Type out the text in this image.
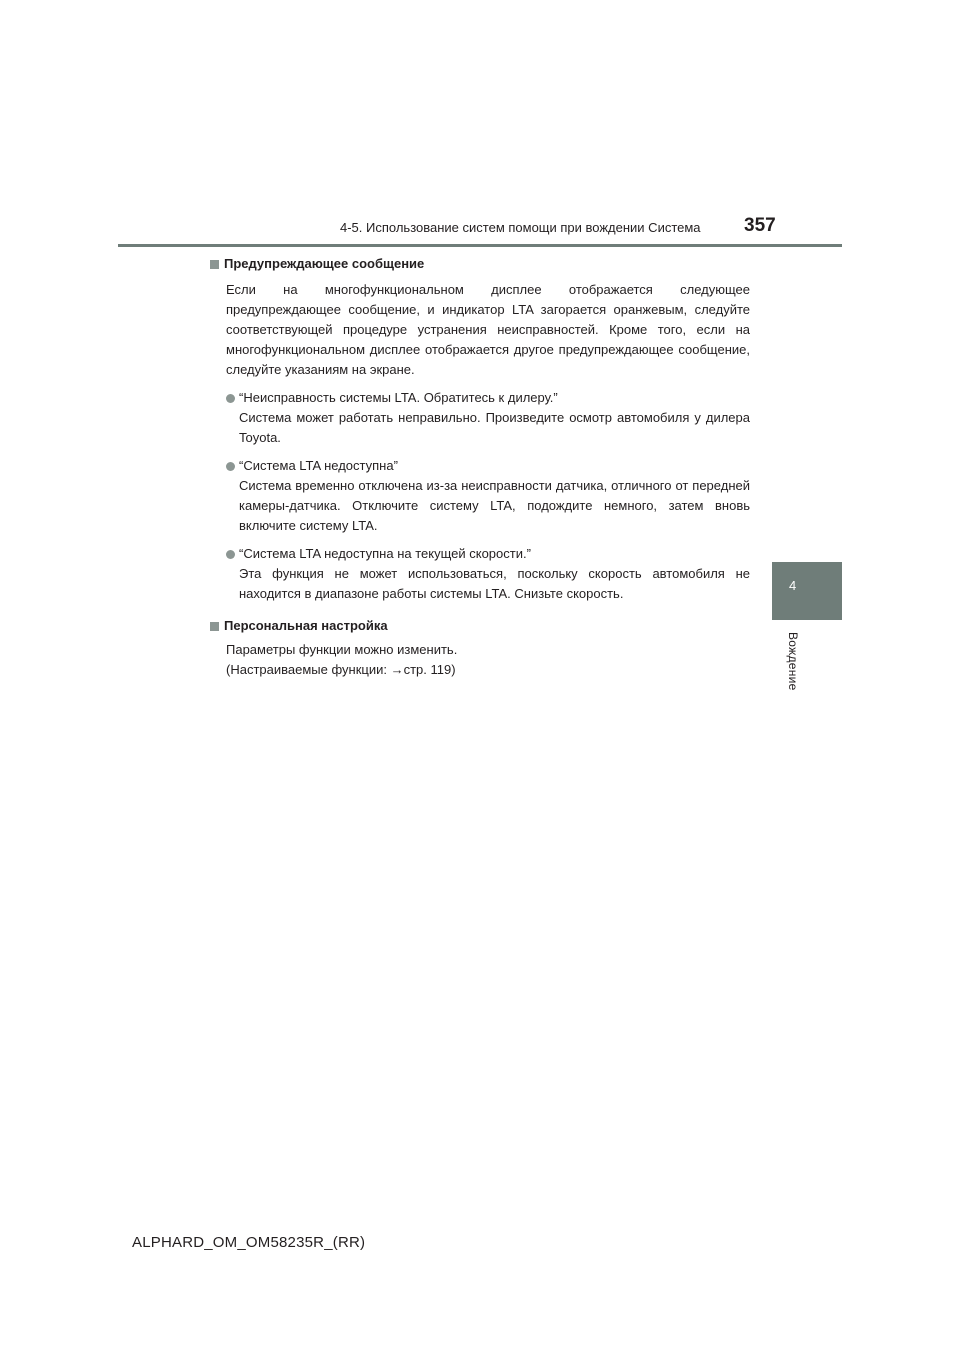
4-5. Использование систем помощи при вождении Система 357
4
Вождение
Предупреждающее сообщение

Если на многофункциональном дисплее отображается следующее предупреждающее сообщение, и индикатор LTA загорается оранжевым, следуйте соответствующей процедуре устранения неисправностей. Кроме того, если на многофункциональном дисплее отображается другое предупреждающее сообщение, следуйте указаниям на экране.

“Неисправность системы LTA. Обратитесь к дилеру.”

Система может работать неправильно. Произведите осмотр автомобиля у дилера Toyota.

“Система LTA недоступна”

Система временно отключена из-за неисправности датчика, отличного от передней камеры-датчика. Отключите систему LTA, подождите немного, затем вновь включите систему LTA.

“Система LTA недоступна на текущей скорости.”

Эта функция не может использоваться, поскольку скорость автомобиля не находится в диапазоне работы системы LTA. Снизьте скорость.

Персональная настройка

Параметры функции можно изменить.

(Настраиваемые функции: →стр. 119)

ALPHARD_OM_OM58235R_(RR)
